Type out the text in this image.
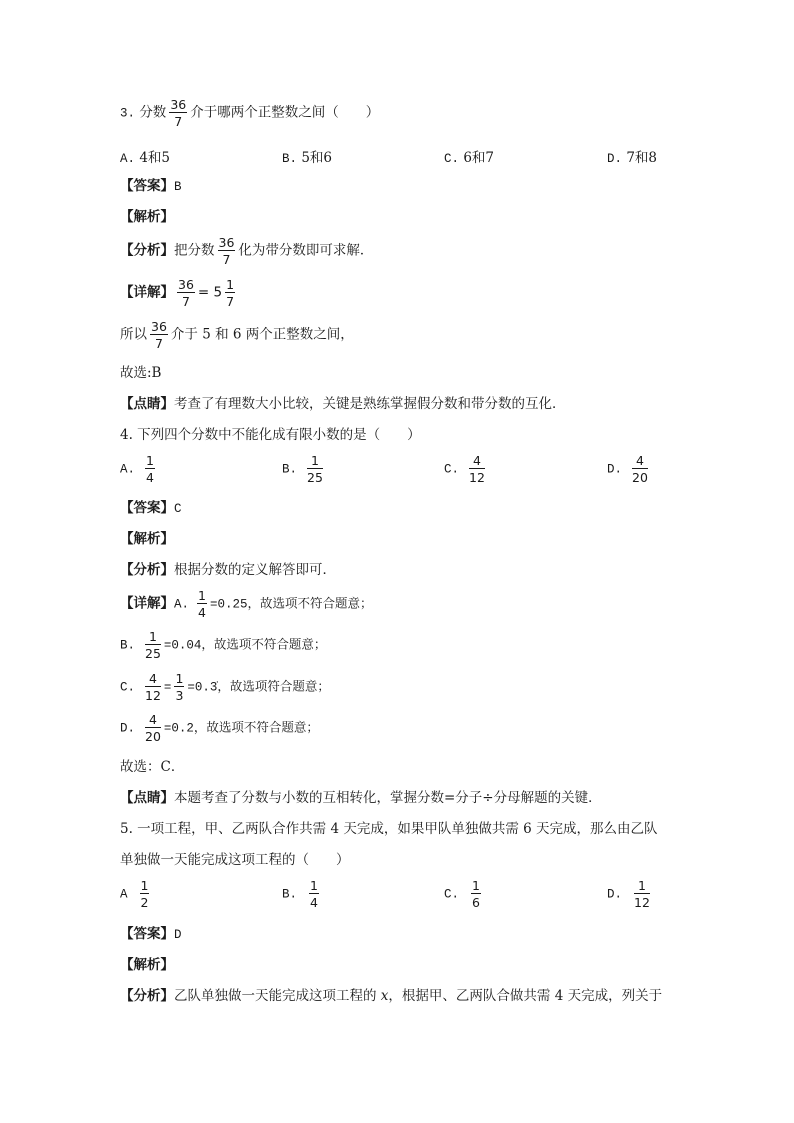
3. 分数 $\frac{36}{7}$ 介于哪两个正整数之间（　　）
A. 4和5	B. 5和6	C. 6和7	D. 7和8
【答案】B
【解析】
【分析】把分数 $\frac{36}{7}$ 化为带分数即可求解．
【详解】 $\frac{36}{7} = 5 \frac{1}{7}$
所以 $\frac{36}{7}$ 介于 5 和 6 两个正整数之间，
故选:B
【点睛】考查了有理数大小比较，关键是熟练掌握假分数和带分数的互化．
4. 下列四个分数中不能化成有限小数的是（　　）
A. $\frac{1}{4}$	B. $\frac{1}{25}$	C. $\frac{4}{12}$	D. $\frac{4}{20}$
【答案】C
【解析】
【分析】根据分数的定义解答即可．
【详解】A. $\frac{1}{4} =0.25$，故选项不符合题意；
B. $\frac{1}{25} =0.04$，故选项不符合题意；
C. $\frac{4}{12} = \frac{1}{3}$ =0.3̇，故选项符合题意；
D. $\frac{4}{20} =0.2$，故选项不符合题意；
故选：C．
【点睛】本题考查了分数与小数的互相转化，掌握分数=分子÷分母解题的关键．
5. 一项工程，甲、乙两队合作共需 4 天完成，如果甲队单独做共需 6 天完成，那么由乙队
单独做一天能完成这项工程的（　　）
A $\frac{1}{2}$	B. $\frac{1}{4}$	C. $\frac{1}{6}$	D. $\frac{1}{12}$
【答案】D
【解析】
【分析】乙队单独做一天能完成这项工程的 x，根据甲、乙两队合做共需 4 天完成，列关于
